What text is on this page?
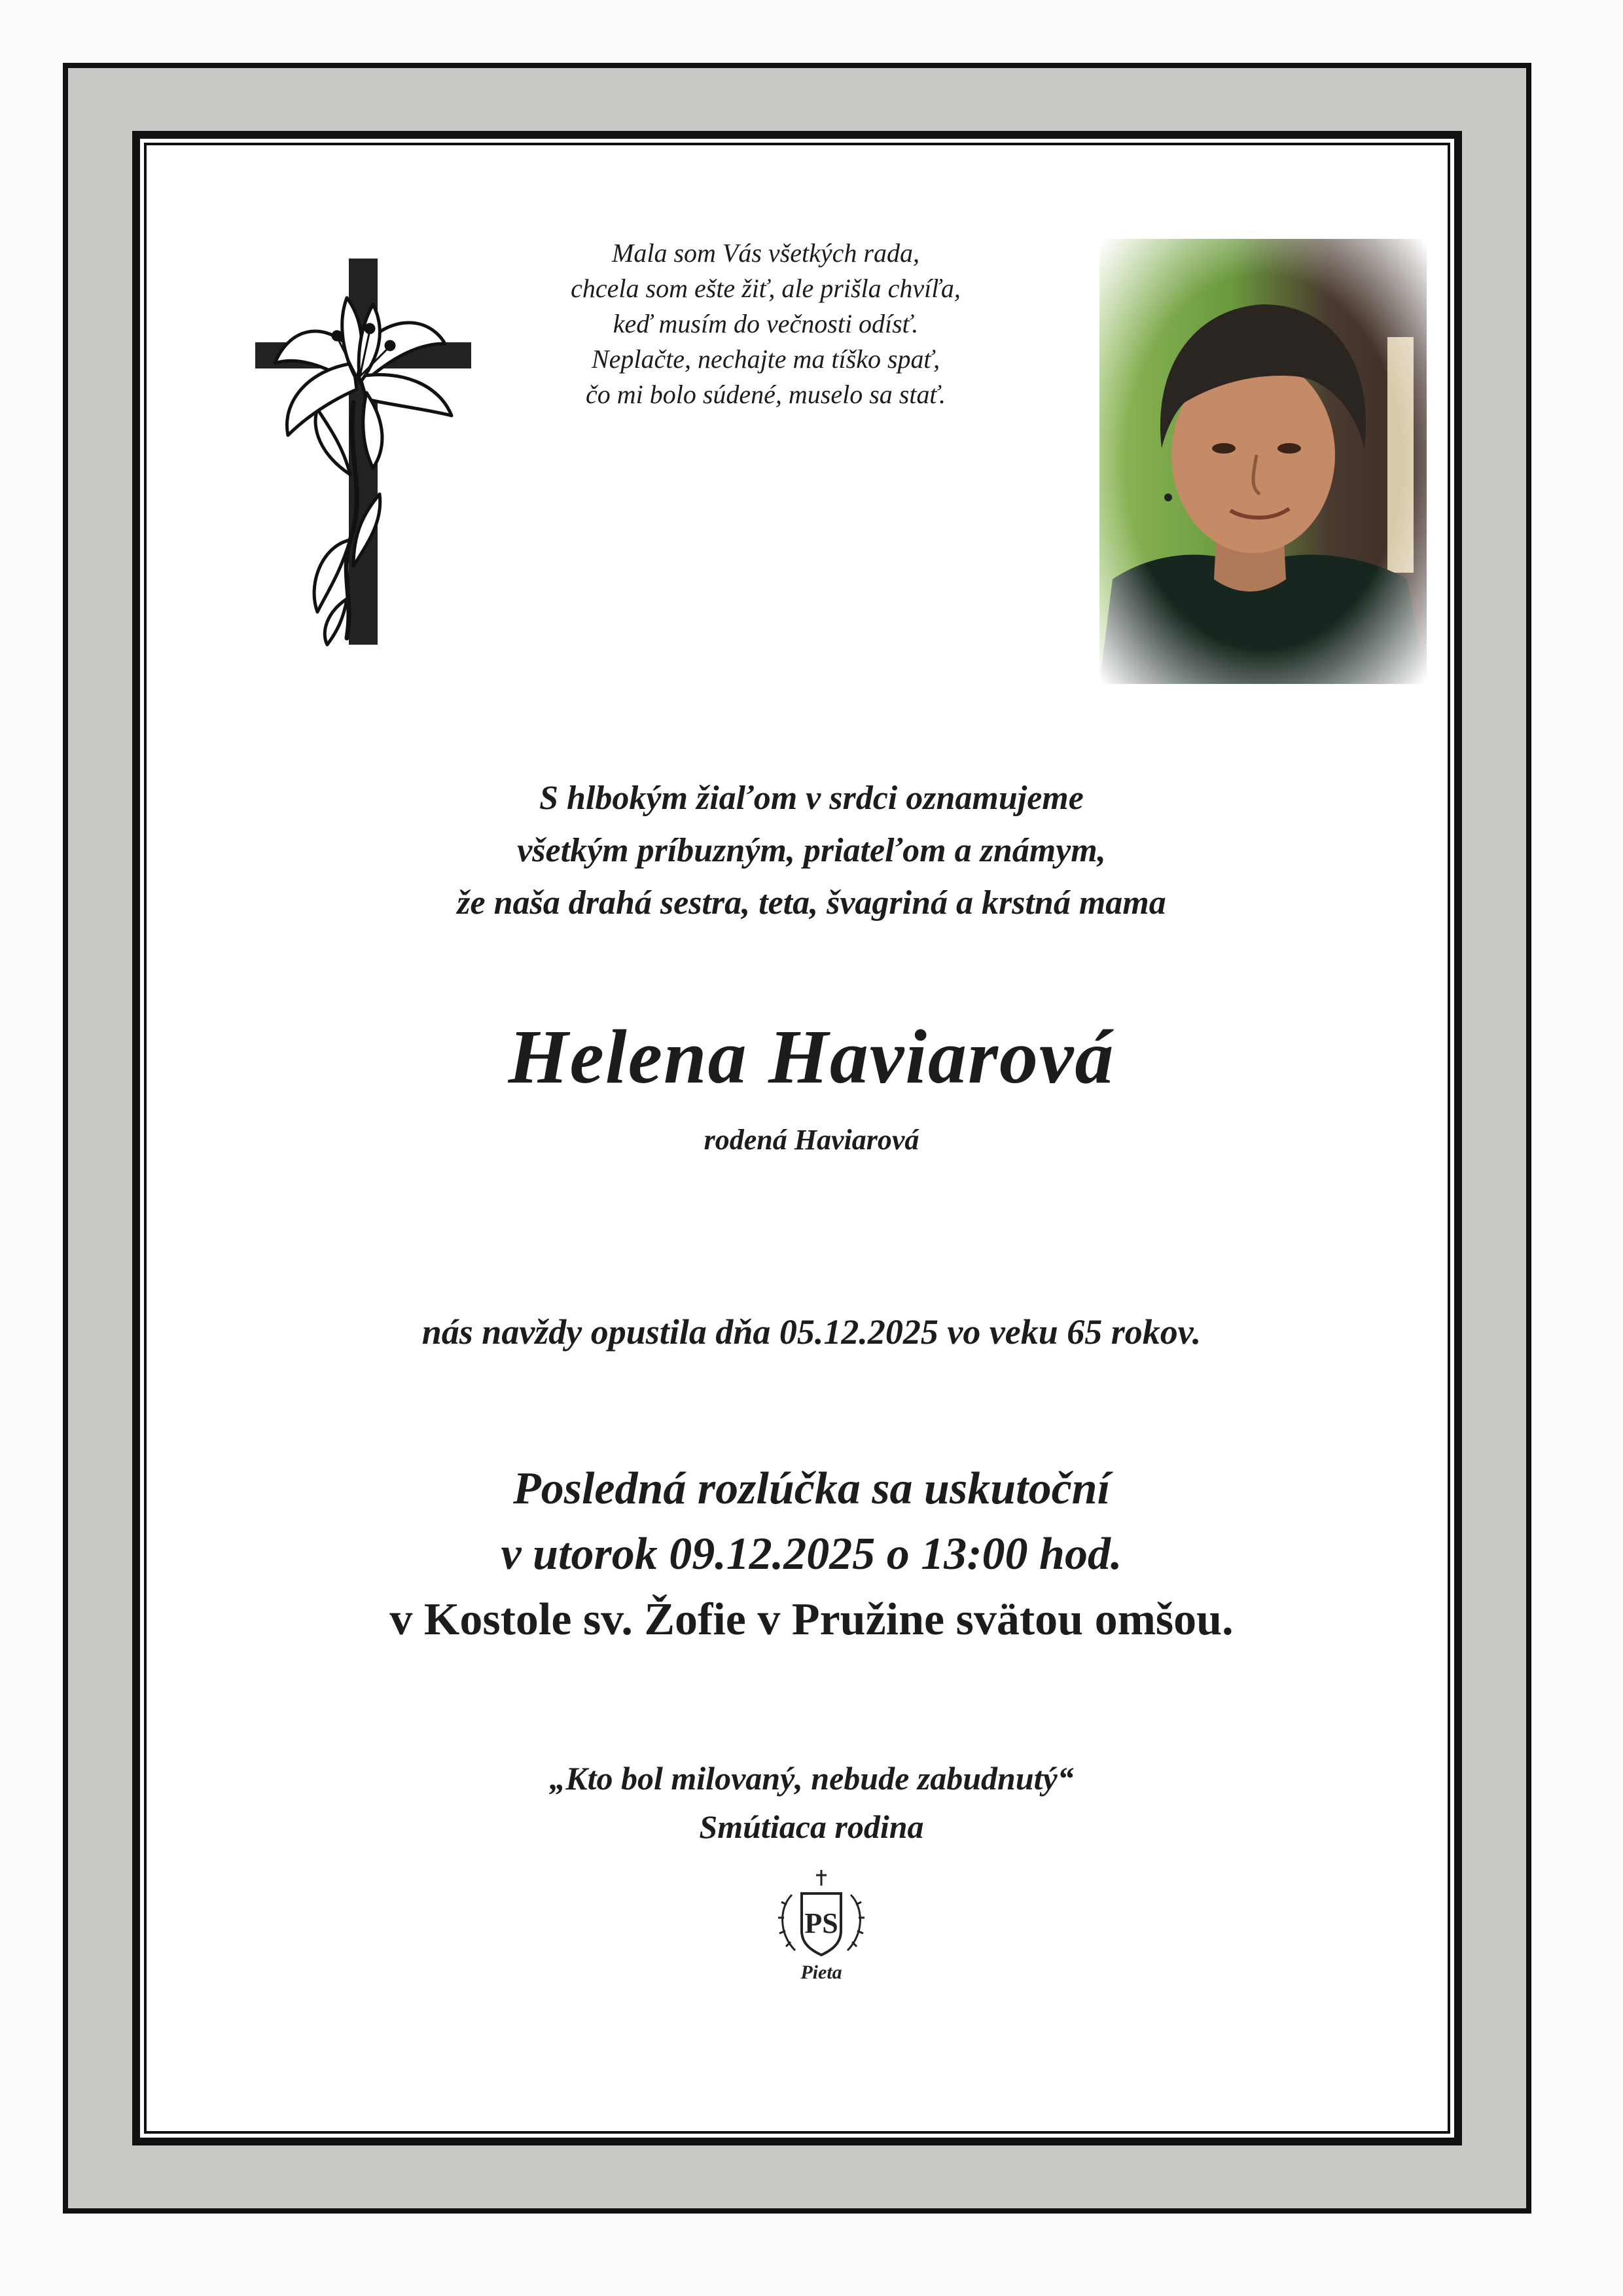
Mala som Vás všetkých rada,
chcela som ešte žiť, ale prišla chvíľa,
keď musím do večnosti odísť.
Neplačte, nechajte ma tíško spať,
čo mi bolo súdené, muselo sa stať.
S hlbokým žiaľom v srdci oznamujeme
všetkým príbuzným, priateľom a známym,
že naša drahá sestra, teta, švagriná a krstná mama
Helena Haviarová
rodená Haviarová
nás navždy opustila dňa 05.12.2025 vo veku 65 rokov.
Posledná rozlúčka sa uskutoční
v utorok 09.12.2025 o 13:00 hod.
v Kostole sv. Žofie v Pružine svätou omšou.
„Kto bol milovaný, nebude zabudnutý“
Smútiaca rodina
PS
Pieta
